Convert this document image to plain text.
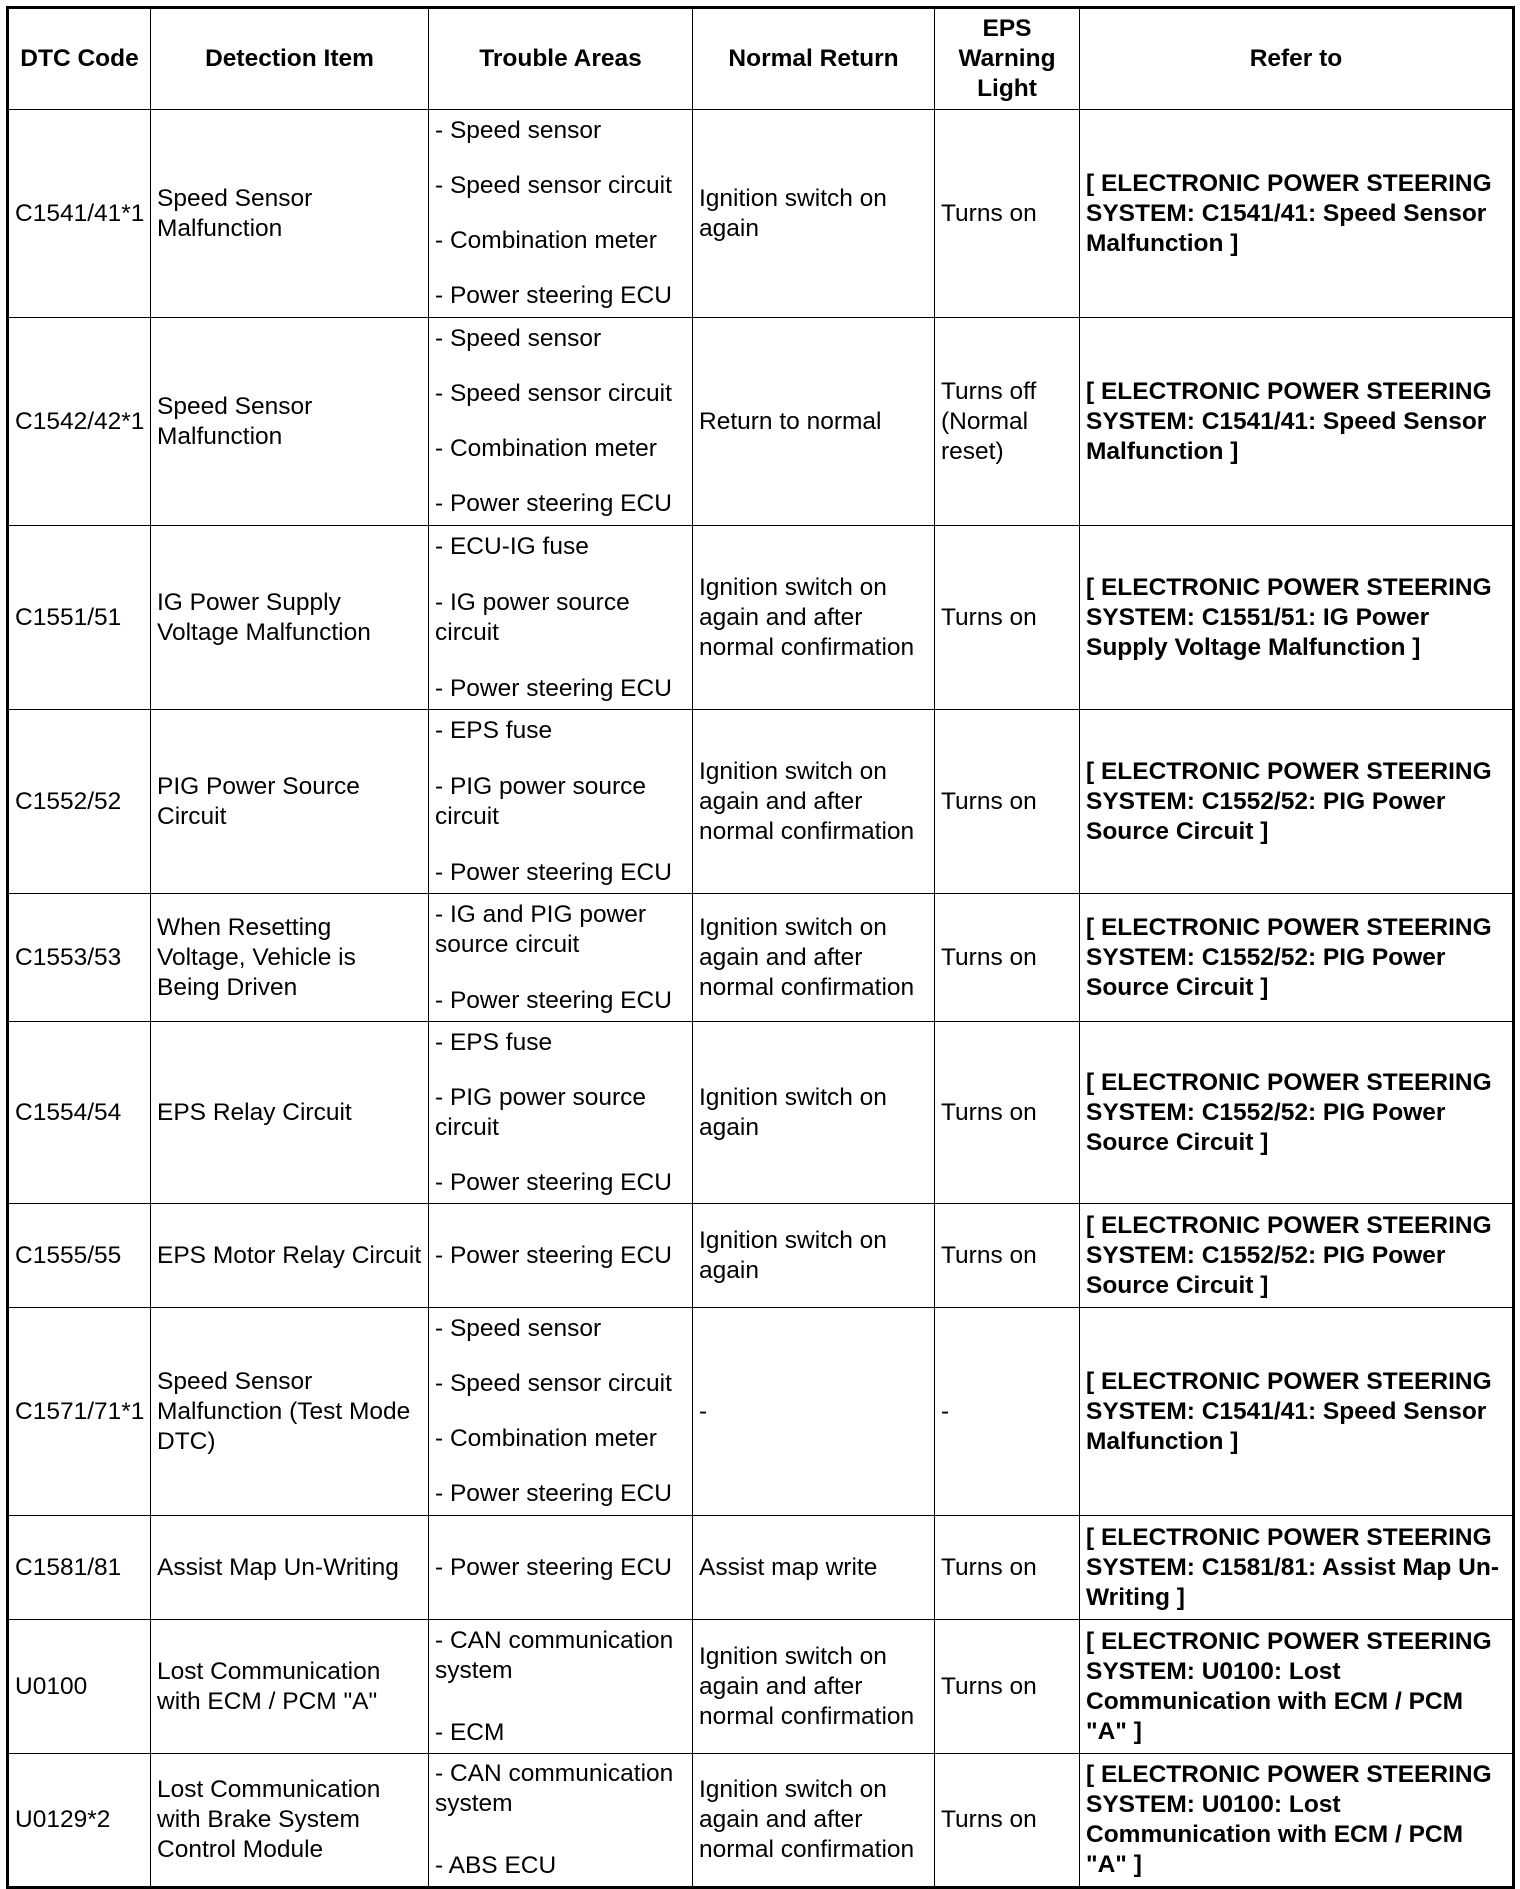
DTC Code	Detection Item	Trouble Areas	Normal Return	EPS Warning Light	Refer to
C1541/41*1	Speed Sensor Malfunction	- Speed sensor
- Speed sensor circuit
- Combination meter
- Power steering ECU	Ignition switch on again	Turns on	[ ELECTRONIC POWER STEERING SYSTEM: C1541/41: Speed Sensor Malfunction ]
C1542/42*1	Speed Sensor Malfunction	- Speed sensor
- Speed sensor circuit
- Combination meter
- Power steering ECU	Return to normal	Turns off (Normal reset)	[ ELECTRONIC POWER STEERING SYSTEM: C1541/41: Speed Sensor Malfunction ]
C1551/51	IG Power Supply Voltage Malfunction	- ECU-IG fuse
- IG power source circuit
- Power steering ECU	Ignition switch on again and after normal confirmation	Turns on	[ ELECTRONIC POWER STEERING SYSTEM: C1551/51: IG Power Supply Voltage Malfunction ]
C1552/52	PIG Power Source Circuit	- EPS fuse
- PIG power source circuit
- Power steering ECU	Ignition switch on again and after normal confirmation	Turns on	[ ELECTRONIC POWER STEERING SYSTEM: C1552/52: PIG Power Source Circuit ]
C1553/53	When Resetting Voltage, Vehicle is Being Driven	- IG and PIG power source circuit
- Power steering ECU	Ignition switch on again and after normal confirmation	Turns on	[ ELECTRONIC POWER STEERING SYSTEM: C1552/52: PIG Power Source Circuit ]
C1554/54	EPS Relay Circuit	- EPS fuse
- PIG power source circuit
- Power steering ECU	Ignition switch on again	Turns on	[ ELECTRONIC POWER STEERING SYSTEM: C1552/52: PIG Power Source Circuit ]
C1555/55	EPS Motor Relay Circuit	- Power steering ECU	Ignition switch on again	Turns on	[ ELECTRONIC POWER STEERING SYSTEM: C1552/52: PIG Power Source Circuit ]
C1571/71*1	Speed Sensor Malfunction (Test Mode DTC)	- Speed sensor
- Speed sensor circuit
- Combination meter
- Power steering ECU	-	-	[ ELECTRONIC POWER STEERING SYSTEM: C1541/41: Speed Sensor Malfunction ]
C1581/81	Assist Map Un-Writing	- Power steering ECU	Assist map write	Turns on	[ ELECTRONIC POWER STEERING SYSTEM: C1581/81: Assist Map Un-Writing ]
U0100	Lost Communication with ECM / PCM "A"	- CAN communication system
- ECM	Ignition switch on again and after normal confirmation	Turns on	[ ELECTRONIC POWER STEERING SYSTEM: U0100: Lost Communication with ECM / PCM "A" ]
U0129*2	Lost Communication with Brake System Control Module	- CAN communication system
- ABS ECU	Ignition switch on again and after normal confirmation	Turns on	[ ELECTRONIC POWER STEERING SYSTEM: U0100: Lost Communication with ECM / PCM "A" ]
